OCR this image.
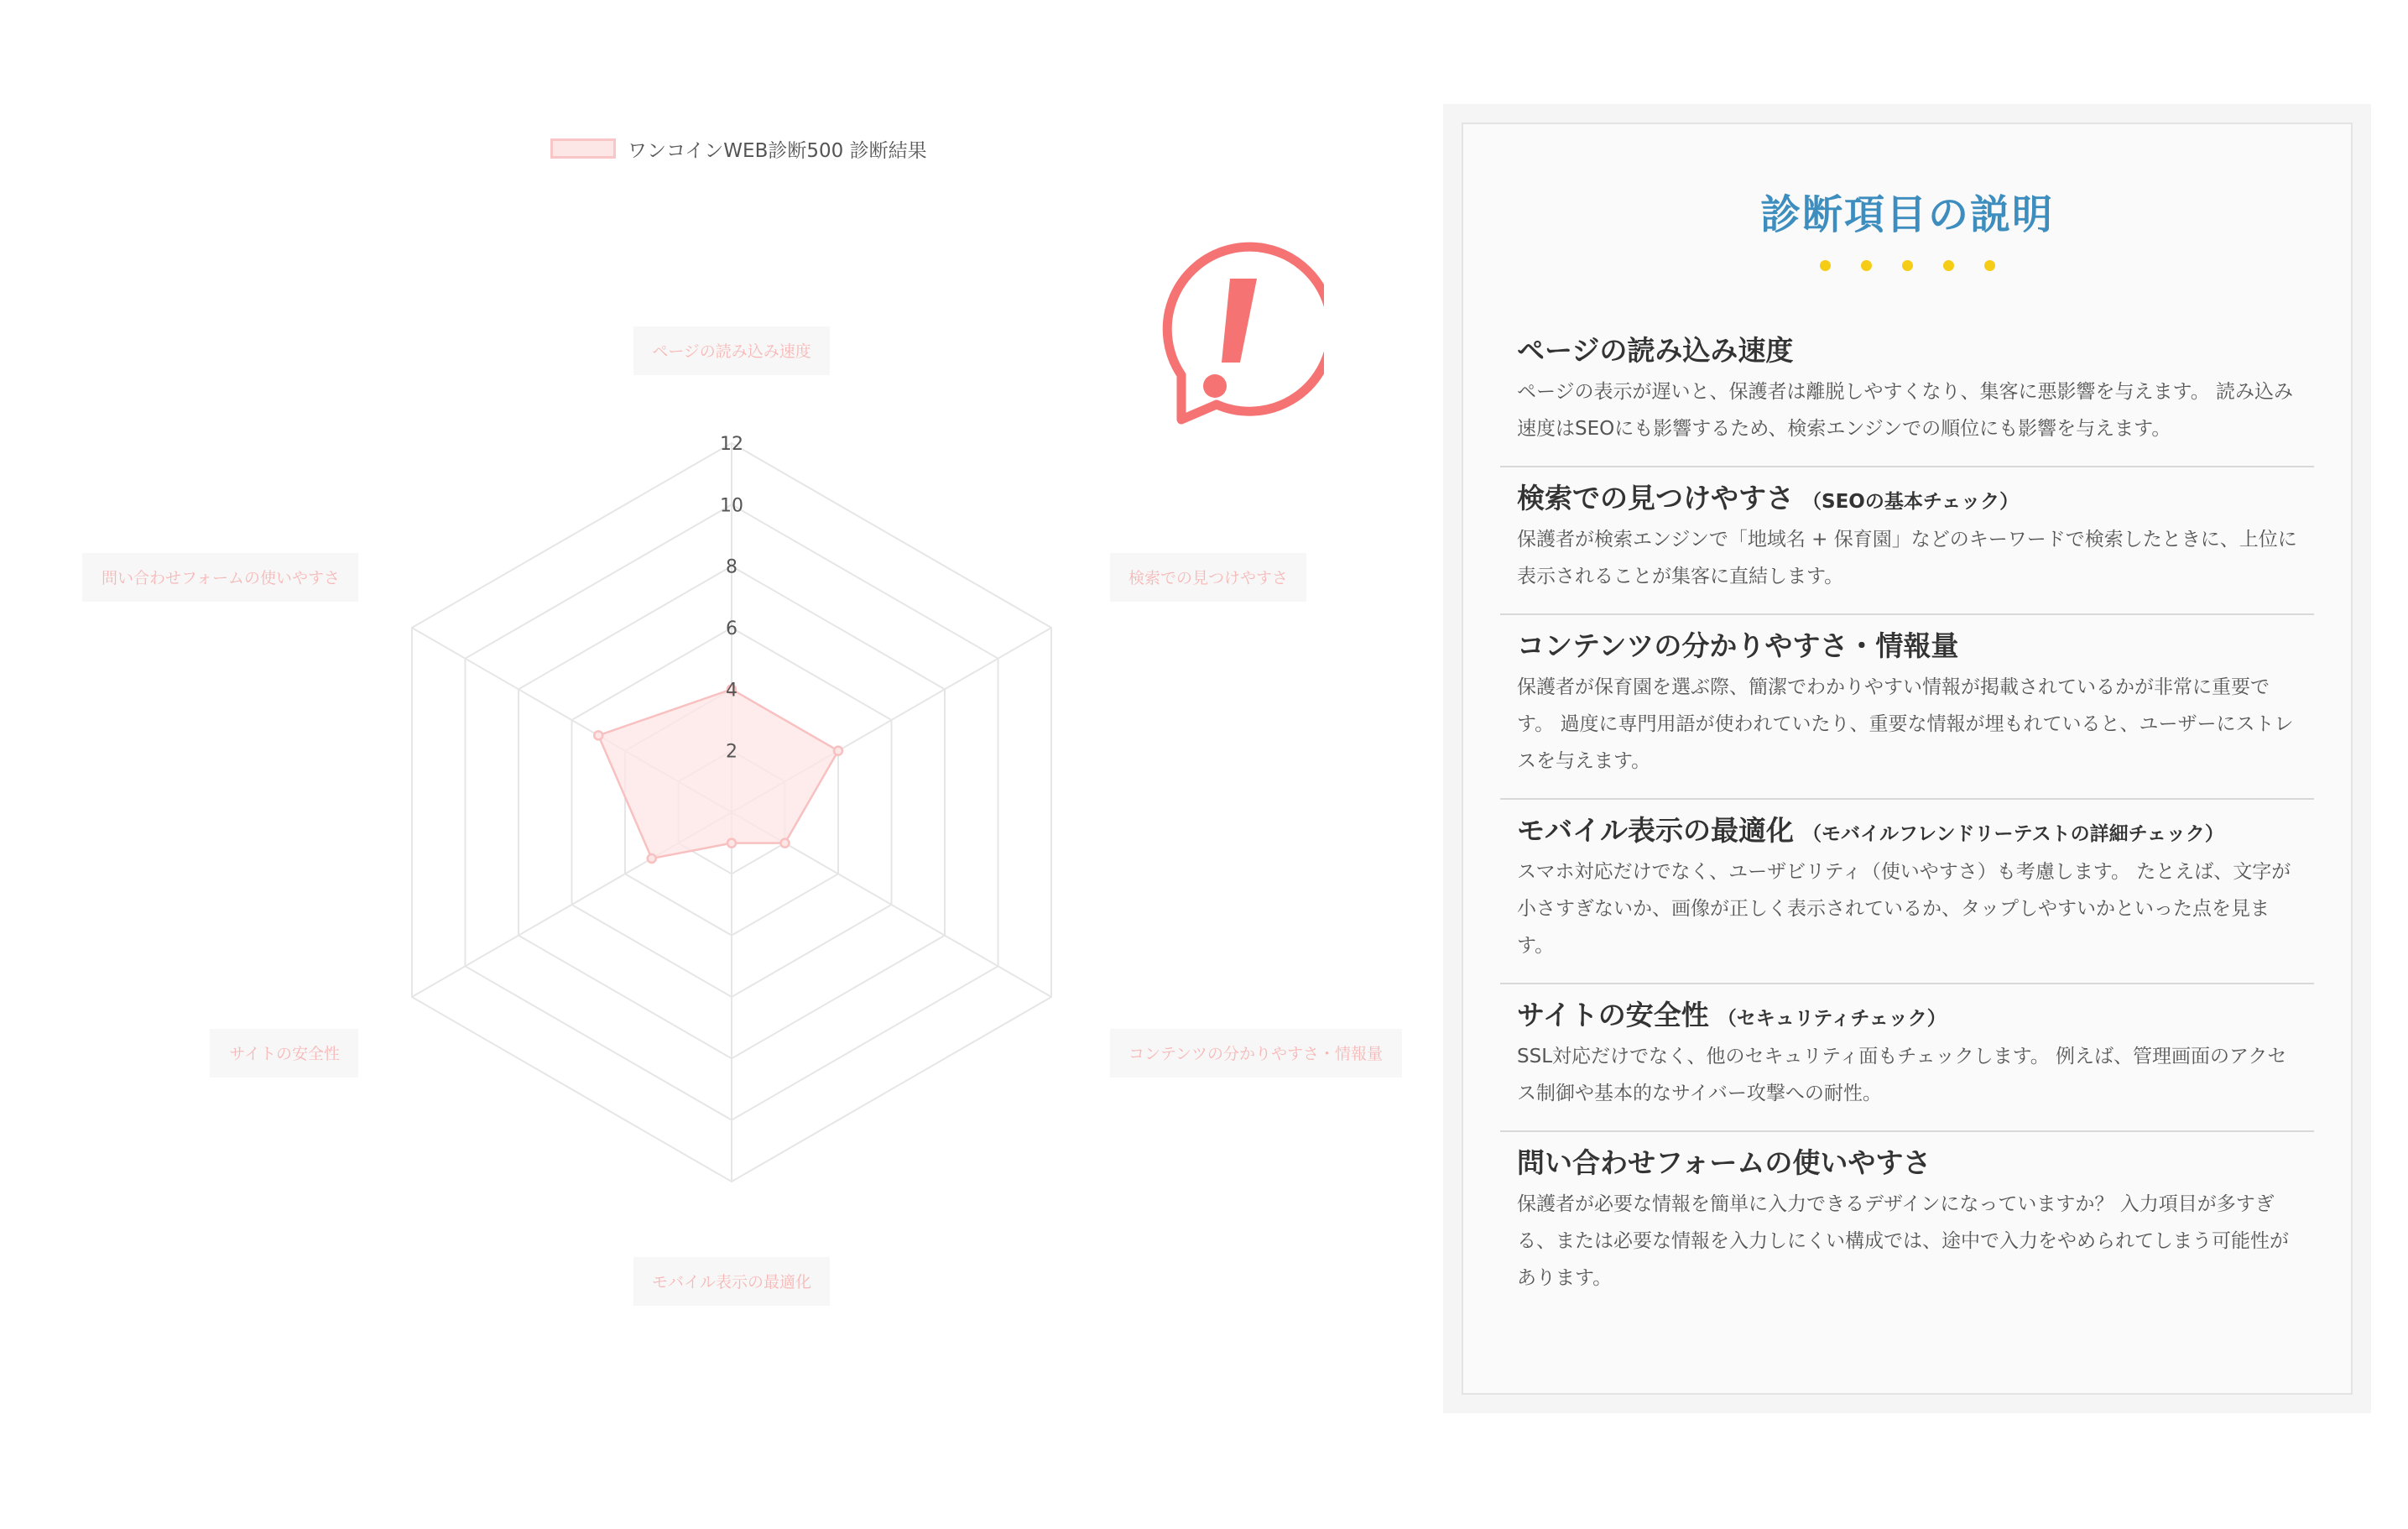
ワンコインWEB診断500 診断結果
2
4
6
8
10
12
ページの読み込み速度
検索での見つけやすさ
コンテンツの分かりやすさ・情報量
モバイル表示の最適化
サイトの安全性
問い合わせフォームの使いやすさ
診断項目の説明
ページの読み込み速度
ページの表示が遅いと、保護者は離脱しやすくなり、集客に悪影響を与えます。 読み込み速度はSEOにも影響するため、検索エンジンでの順位にも影響を与えます。
検索での見つけやすさ （SEOの基本チェック）
保護者が検索エンジンで「地域名 + 保育園」などのキーワードで検索したときに、上位に表示されることが集客に直結します。
コンテンツの分かりやすさ・情報量
保護者が保育園を選ぶ際、簡潔でわかりやすい情報が掲載されているかが非常に重要です。 過度に専門用語が使われていたり、重要な情報が埋もれていると、ユーザーにストレスを与えます。
モバイル表示の最適化 （モバイルフレンドリーテストの詳細チェック）
スマホ対応だけでなく、ユーザビリティ（使いやすさ）も考慮します。 たとえば、文字が小さすぎないか、画像が正しく表示されているか、タップしやすいかといった点を見ます。
サイトの安全性 （セキュリティチェック）
SSL対応だけでなく、他のセキュリティ面もチェックします。 例えば、管理画面のアクセス制御や基本的なサイバー攻撃への耐性。
問い合わせフォームの使いやすさ
保護者が必要な情報を簡単に入力できるデザインになっていますか？ 入力項目が多すぎる、または必要な情報を入力しにくい構成では、途中で入力をやめられてしまう可能性があります。
